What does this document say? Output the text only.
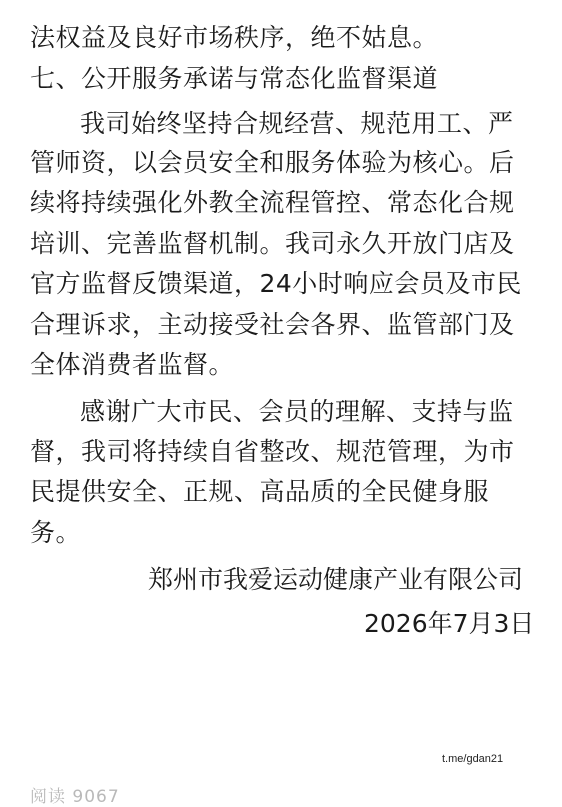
法权益及良好市场秩序，绝不姑息。
七、公开服务承诺与常态化监督渠道
我司始终坚持合规经营、规范用工、严
管师资，以会员安全和服务体验为核心。后
续将持续强化外教全流程管控、常态化合规
培训、完善监督机制。我司永久开放门店及
官方监督反馈渠道，24小时响应会员及市民
合理诉求，主动接受社会各界、监管部门及
全体消费者监督。
感谢广大市民、会员的理解、支持与监
督，我司将持续自省整改、规范管理，为市
民提供安全、正规、高品质的全民健身服
务。
郑州市我爱运动健康产业有限公司
2026年7月3日
t.me/gdan21
阅读 9067
